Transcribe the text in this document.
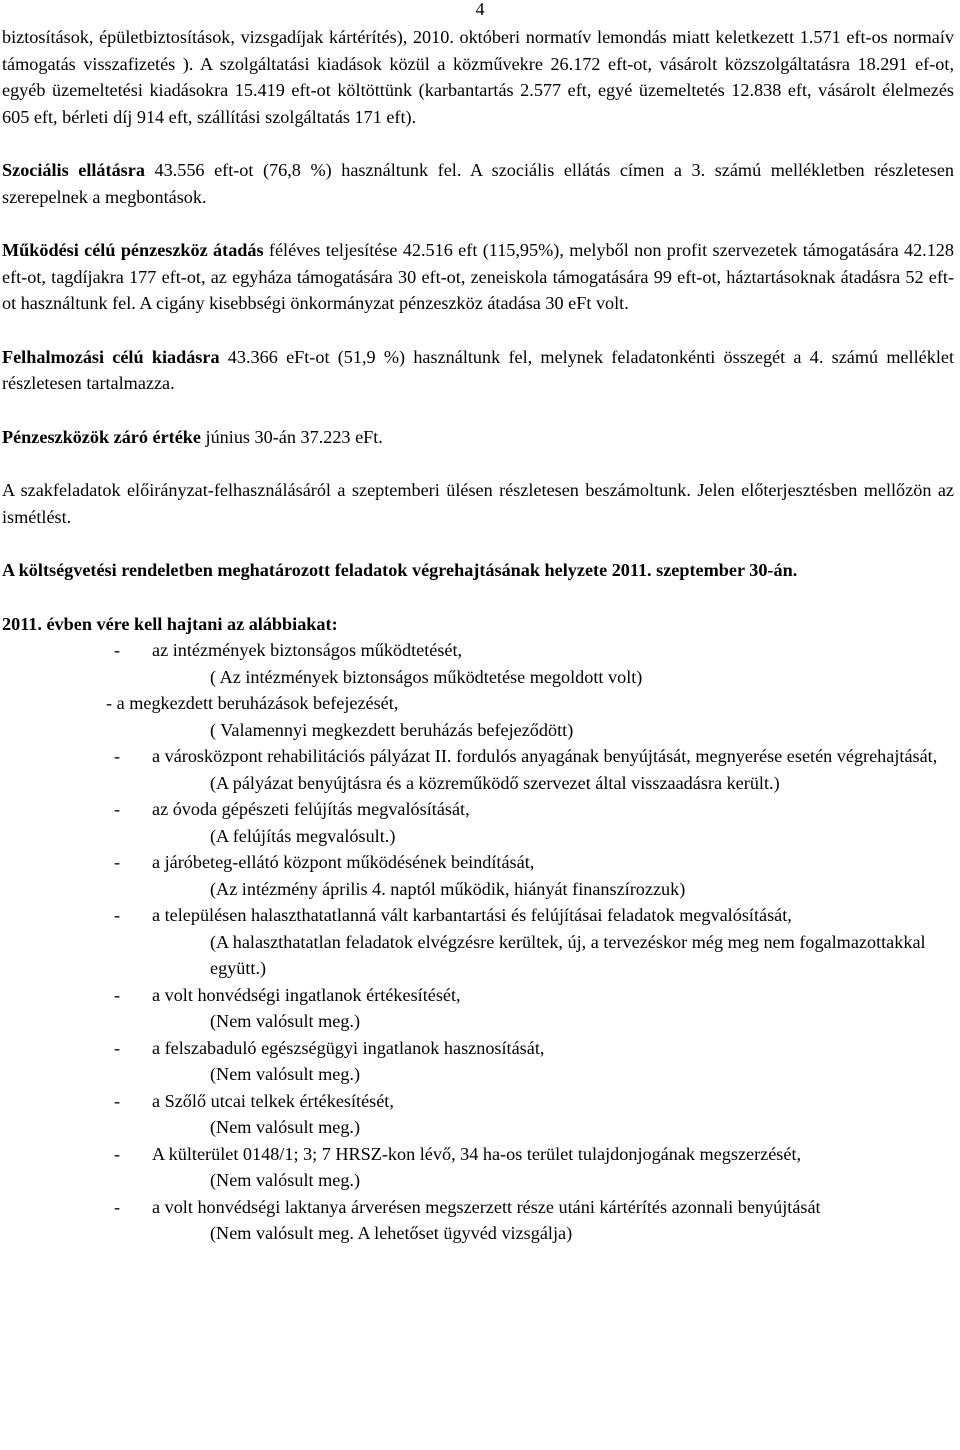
4

biztosítások, épületbiztosítások, vizsgadíjak kártérítés), 2010. októberi normatív lemondás miatt keletkezett 1.571 eft-os normaív támogatás visszafizetés ). A szolgáltatási kiadások közül a közművekre 26.172 eft-ot, vásárolt közszolgáltatásra 18.291 ef-ot, egyéb üzemeltetési kiadásokra 15.419 eft-ot költöttünk (karbantartás 2.577 eft, egyé üzemeltetés 12.838 eft, vásárolt élelmezés 605 eft, bérleti díj 914 eft, szállítási szolgáltatás 171 eft).

Szociális ellátásra 43.556 eft-ot (76,8 %) használtunk fel. A szociális ellátás címen a 3. számú mellékletben részletesen szerepelnek a megbontások.

Működési célú pénzeszköz átadás féléves teljesítése 42.516 eft (115,95%), melyből non profit szervezetek támogatására 42.128 eft-ot, tagdíjakra 177 eft-ot, az egyháza támogatására 30 eft-ot, zeneiskola támogatására 99 eft-ot, háztartásoknak átadásra 52 eft-ot használtunk fel. A cigány kisebbségi önkormányzat pénzeszköz átadása 30 eFt volt.

Felhalmozási célú kiadásra 43.366 eFt-ot (51,9 %) használtunk fel, melynek feladatonkénti összegét a 4. számú melléklet részletesen tartalmazza.

Pénzeszközök záró értéke június 30-án 37.223 eFt.

A szakfeladatok előirányzat-felhasználásáról a szeptemberi ülésen részletesen beszámoltunk. Jelen előterjesztésben mellőzön az ismétlést.

A költségvetési rendeletben meghatározott feladatok végrehajtásának helyzete 2011. szeptember 30-án.

2011. évben vére kell hajtani az alábbiakat:

-	az intézmények biztonságos működtetését,
( Az intézmények biztonságos működtetése megoldott volt)
- a megkezdett beruházások befejezését,
( Valamennyi megkezdett beruházás befejeződött)
-	a városközpont rehabilitációs pályázat II. fordulós anyagának benyújtását, megnyerése esetén végrehajtását,
(A pályázat benyújtásra és a közreműködő szervezet által visszaadásra került.)
-	az óvoda gépészeti felújítás megvalósítását,
(A felújítás megvalósult.)
-	a járóbeteg-ellátó központ működésének beindítását,
(Az intézmény április 4. naptól működik, hiányát finanszírozzuk)
-	a településen halaszthatatlanná vált karbantartási és felújításai feladatok megvalósítását,
(A halaszthatatlan feladatok elvégzésre kerültek, új, a tervezéskor még meg nem fogalmazottakkal együtt.)
-	a volt honvédségi ingatlanok értékesítését,
(Nem valósult meg.)
-	a felszabaduló egészségügyi ingatlanok hasznosítását,
(Nem valósult meg.)
-	a Szőlő utcai telkek értékesítését,
(Nem valósult meg.)
-	A külterület 0148/1; 3; 7 HRSZ-kon lévő, 34 ha-os terület tulajdonjogának megszerzését,
(Nem valósult meg.)
-	a volt honvédségi laktanya árverésen megszerzett része utáni kártérítés azonnali benyújtását
(Nem valósult meg. A lehetőset ügyvéd vizsgálja)
